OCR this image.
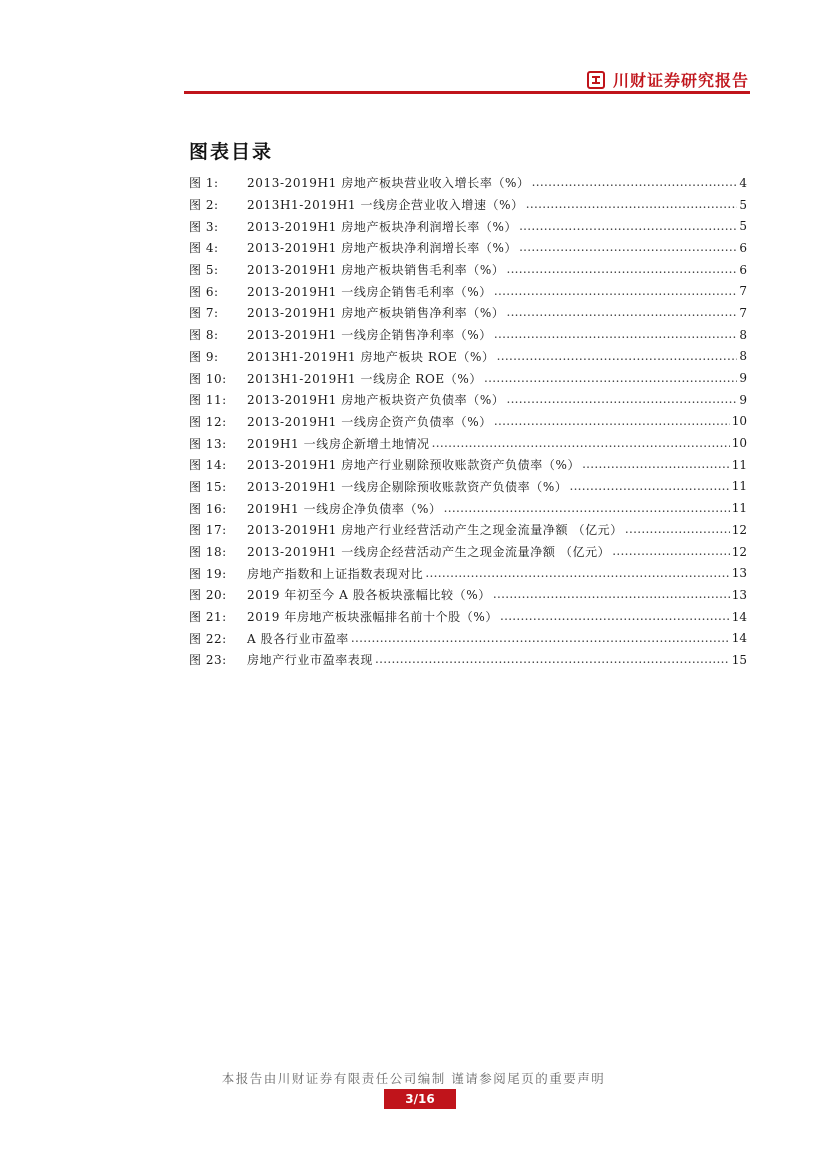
川财证券研究报告
图表目录
图 1:	2013-2019H1 房地产板块营业收入增长率（%） .....	4
图 2:	2013H1-2019H1 一线房企营业收入增速（%） .....	5
图 3:	2013-2019H1 房地产板块净利润增长率（%） .....	5
图 4:	2013-2019H1 房地产板块净利润增长率（%） .....	6
图 5:	2013-2019H1 房地产板块销售毛利率（%） .....	6
图 6:	2013-2019H1 一线房企销售毛利率（%） .....	7
图 7:	2013-2019H1 房地产板块销售净利率（%） .....	7
图 8:	2013-2019H1 一线房企销售净利率（%） .....	8
图 9:	2013H1-2019H1 房地产板块 ROE（%） .....	8
图 10:	2013H1-2019H1 一线房企 ROE（%） .....	9
图 11:	2013-2019H1 房地产板块资产负债率（%） .....	9
图 12:	2013-2019H1 一线房企资产负债率（%） .....	10
图 13:	2019H1 一线房企新增土地情况 .....	10
图 14:	2013-2019H1 房地产行业剔除预收账款资产负债率（%） .....	11
图 15:	2013-2019H1 一线房企剔除预收账款资产负债率（%） .....	11
图 16:	2019H1 一线房企净负债率（%） .....	11
图 17:	2013-2019H1 房地产行业经营活动产生之现金流量净额 （亿元） .....	12
图 18:	2013-2019H1 一线房企经营活动产生之现金流量净额 （亿元） .....	12
图 19:	房地产指数和上证指数表现对比 .....	13
图 20:	2019 年初至今 A 股各板块涨幅比较（%） .....	13
图 21:	2019 年房地产板块涨幅排名前十个股（%） .....	14
图 22:	A 股各行业市盈率 .....	14
图 23:	房地产行业市盈率表现 .....	15
本报告由川财证券有限责任公司编制 谨请参阅尾页的重要声明
3/16
